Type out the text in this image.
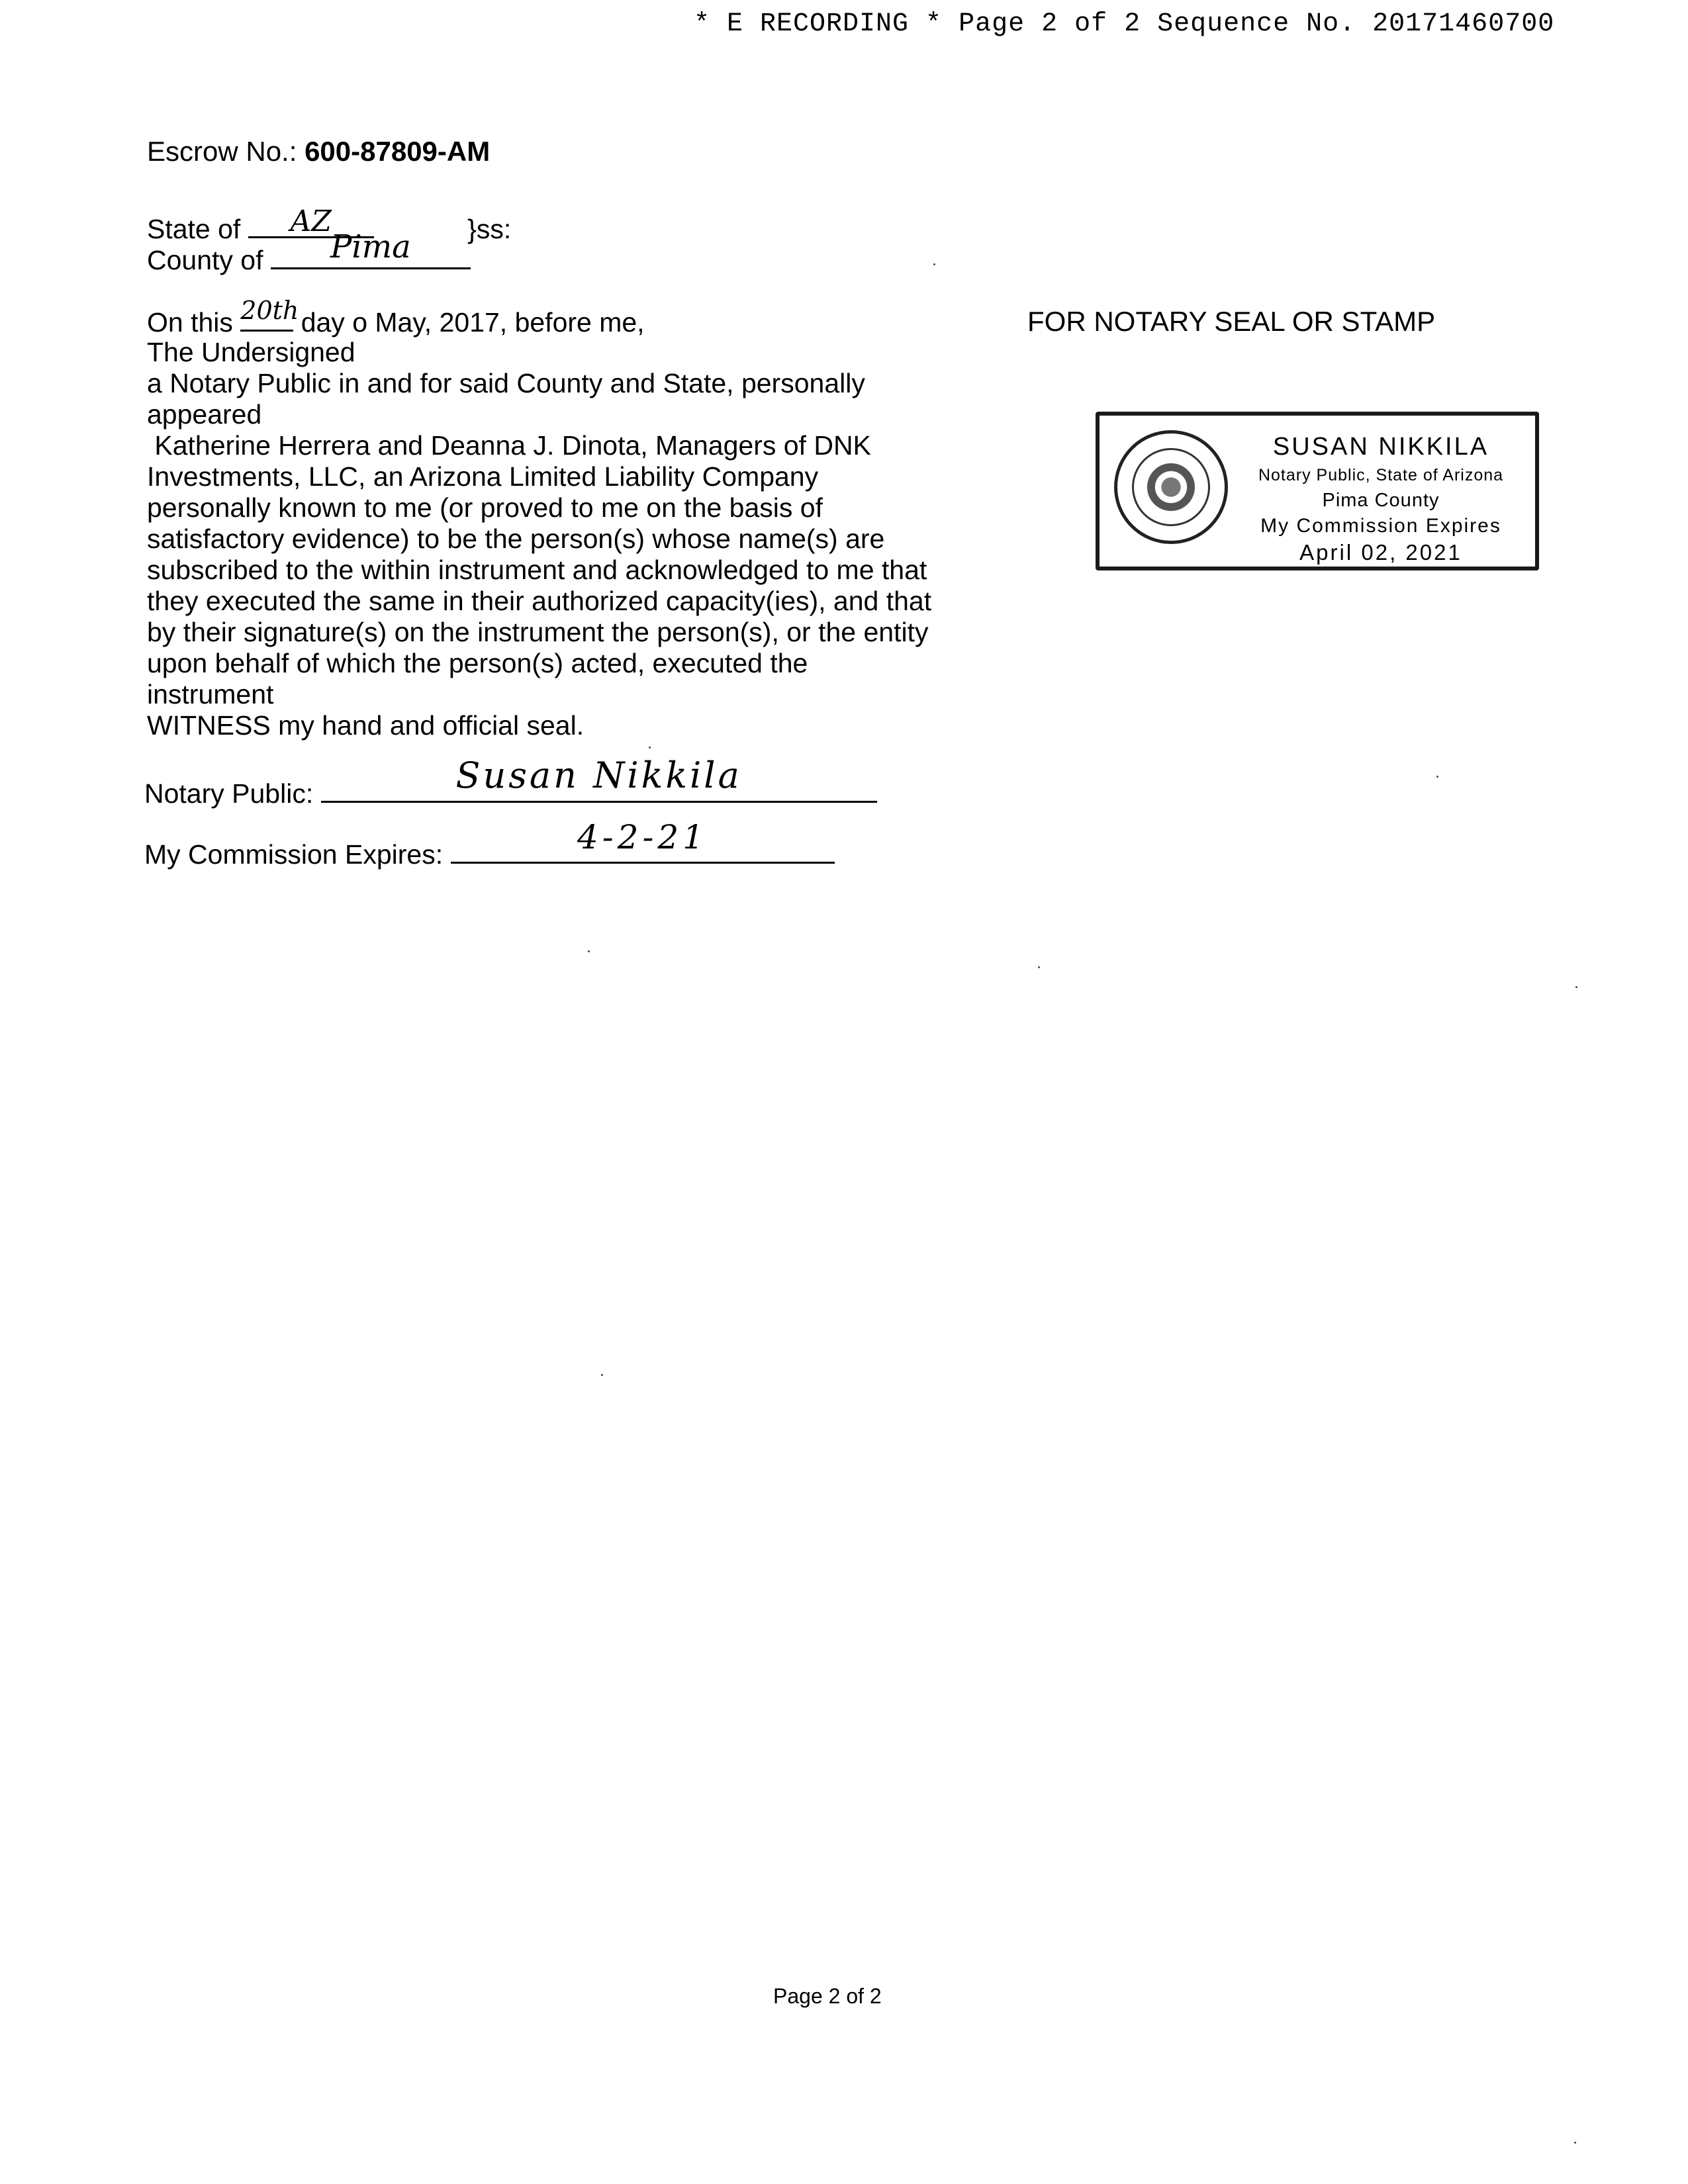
* E RECORDING * Page 2 of 2 Sequence No. 20171460700
Escrow No.: 600-87809-AM
State of	AZ	}ss:
County of	Pima
On this 20th day o May, 2017, before me,
The Undersigned
a Notary Public in and for said County and State, personally
appeared
Katherine Herrera and Deanna J. Dinota, Managers of DNK
Investments, LLC, an Arizona Limited Liability Company
personally known to me (or proved to me on the basis of
satisfactory evidence) to be the person(s) whose name(s) are
subscribed to the within instrument and acknowledged to me that
they executed the same in their authorized capacity(ies), and that
by their signature(s) on the instrument the person(s), or the entity
upon behalf of which the person(s) acted, executed the
instrument
WITNESS my hand and official seal.
Notary Public:	Susan Nikkila
My Commission Expires:	4-2-21
FOR NOTARY SEAL OR STAMP
SUSAN NIKKILA
Notary Public, State of Arizona
Pima County
My Commission Expires
April 02, 2021
Page 2 of 2
